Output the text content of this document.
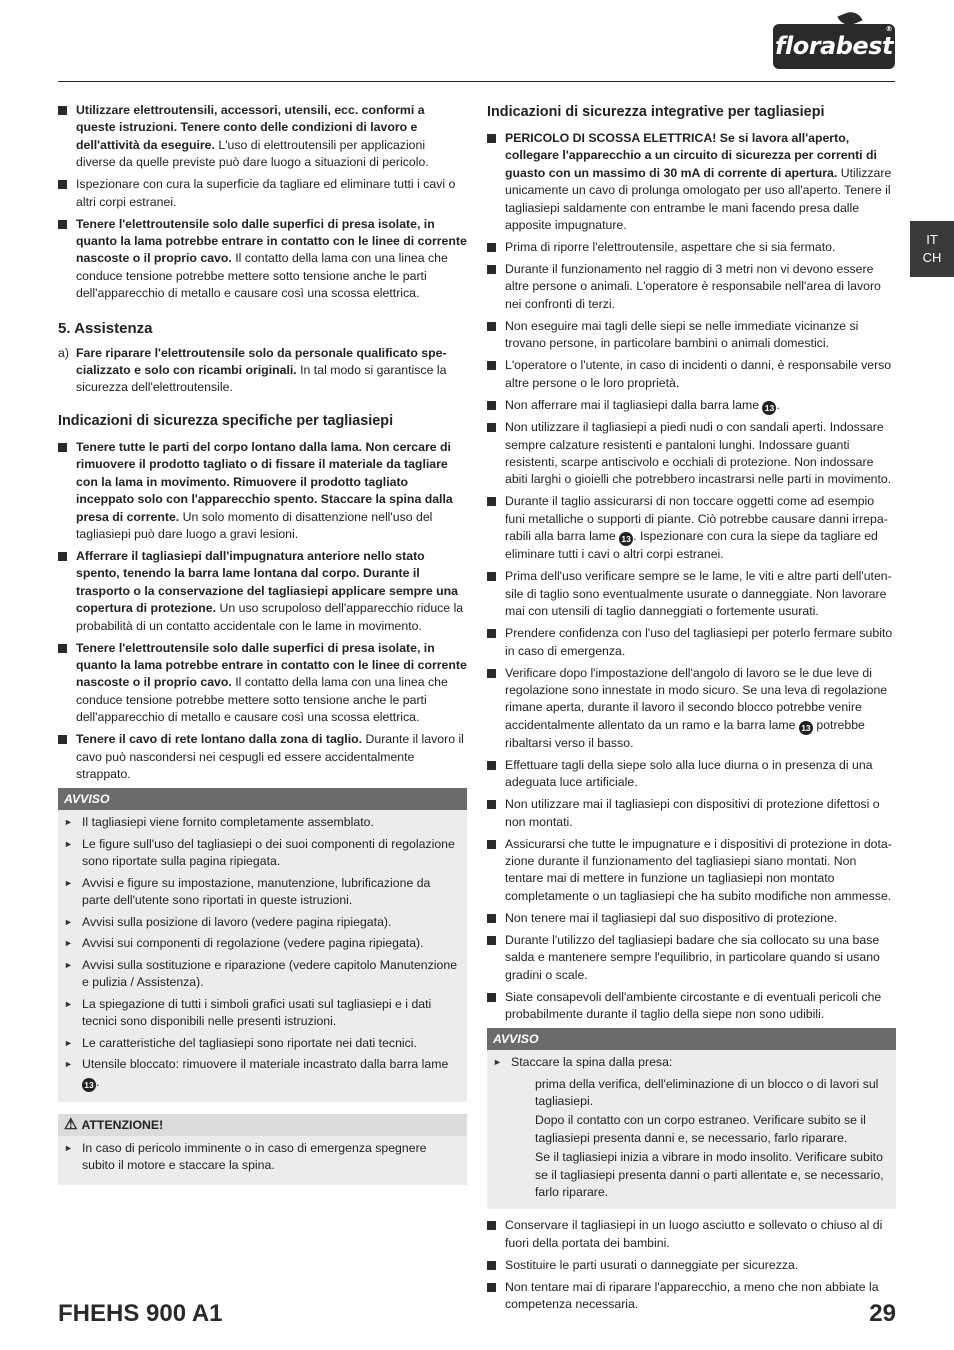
florabest
®
IT
CH
Utilizzare elettroutensili, accessori, utensili, ecc. conformi a queste istruzioni. Tenere conto delle condizioni di lavoro e dell'attività da eseguire. L'uso di elettroutensili per applicazioni diverse da quelle previste può dare luogo a situazioni di pericolo.
Ispezionare con cura la superficie da tagliare ed eliminare tutti i cavi o altri corpi estranei.
Tenere l'elettroutensile solo dalle superfici di presa isolate, in quanto la lama potrebbe entrare in contatto con le linee di corrente nascoste o il proprio cavo. Il contatto della lama con una linea che conduce tensione potrebbe mettere sotto tensione anche le parti dell'apparecchio di metallo e causare così una scossa elettrica.
5. Assistenza
a) Fare riparare l'elettroutensile solo da personale qualificato spe-cializzato e solo con ricambi originali. In tal modo si garantisce la sicurezza dell'elettroutensile.
Indicazioni di sicurezza specifiche per tagliasiepi
Tenere tutte le parti del corpo lontano dalla lama. Non cercare di rimuovere il prodotto tagliato o di fissare il materiale da tagliare con la lama in movimento. Rimuovere il prodotto tagliato inceppato solo con l'apparecchio spento. Staccare la spina dalla presa di corrente. Un solo momento di disattenzione nell'uso del tagliasiepi può dare luogo a gravi lesioni.
Afferrare il tagliasiepi dall'impugnatura anteriore nello stato spento, tenendo la barra lame lontana dal corpo. Durante il trasporto o la conservazione del tagliasiepi applicare sempre una copertura di protezione. Un uso scrupoloso dell'apparecchio riduce la probabilità di un contatto accidentale con le lame in movimento.
Tenere l'elettroutensile solo dalle superfici di presa isolate, in quanto la lama potrebbe entrare in contatto con le linee di corrente nascoste o il proprio cavo. Il contatto della lama con una linea che conduce tensione potrebbe mettere sotto tensione anche le parti dell'apparecchio di metallo e causare così una scossa elettrica.
Tenere il cavo di rete lontano dalla zona di taglio. Durante il lavoro il cavo può nascondersi nei cespugli ed essere accidentalmente strappato.
AVVISO
► Il tagliasiepi viene fornito completamente assemblato.
► Le figure sull'uso del tagliasiepi o dei suoi componenti di regolazione sono riportate sulla pagina ripiegata.
► Avvisi e figure su impostazione, manutenzione, lubrificazione da parte dell'utente sono riportati in queste istruzioni.
► Avvisi sulla posizione di lavoro (vedere pagina ripiegata).
► Avvisi sui componenti di regolazione (vedere pagina ripiegata).
► Avvisi sulla sostituzione e riparazione (vedere capitolo Manutenzione e pulizia / Assistenza).
► La spiegazione di tutti i simboli grafici usati sul tagliasiepi e i dati tecnici sono disponibili nelle presenti istruzioni.
► Le caratteristiche del tagliasiepi sono riportate nei dati tecnici.
► Utensile bloccato: rimuovere il materiale incastrato dalla barra lame 13 .
⚠ ATTENZIONE!
► In caso di pericolo imminente o in caso di emergenza spegnere subito il motore e staccare la spina.
Indicazioni di sicurezza integrative per tagliasiepi
PERICOLO DI SCOSSA ELETTRICA! Se si lavora all'aperto, collegare l'apparecchio a un circuito di sicurezza per correnti di guasto con un massimo di 30 mA di corrente di apertura. Utilizzare unicamente un cavo di prolunga omologato per uso all'aperto. Tenere il tagliasiepi saldamente con entrambe le mani facendo presa dalle apposite impugnature.
Prima di riporre l'elettroutensile, aspettare che si sia fermato.
Durante il funzionamento nel raggio di 3 metri non vi devono essere altre persone o animali. L'operatore è responsabile nell'area di lavoro nei confronti di terzi.
Non eseguire mai tagli delle siepi se nelle immediate vicinanze si trovano persone, in particolare bambini o animali domestici.
L'operatore o l'utente, in caso di incidenti o danni, è responsabile verso altre persone o le loro proprietà.
Non afferrare mai il tagliasiepi dalla barra lame 13 .
Non utilizzare il tagliasiepi a piedi nudi o con sandali aperti. Indossare sempre calzature resistenti e pantaloni lunghi. Indossare guanti resistenti, scarpe antiscivolo e occhiali di protezione. Non indossare abiti larghi o gioielli che potrebbero incastrarsi nelle parti in movimento.
Durante il taglio assicurarsi di non toccare oggetti come ad esempio funi metalliche o supporti di piante. Ciò potrebbe causare danni irrepa-rabili alla barra lame 13 . Ispezionare con cura la siepe da tagliare ed eliminare tutti i cavi o altri corpi estranei.
Prima dell'uso verificare sempre se le lame, le viti e altre parti dell'uten-sile di taglio sono eventualmente usurate o danneggiate. Non lavorare mai con utensili di taglio danneggiati o fortemente usurati.
Prendere confidenza con l'uso del tagliasiepi per poterlo fermare subito in caso di emergenza.
Verificare dopo l'impostazione dell'angolo di lavoro se le due leve di regolazione sono innestate in modo sicuro. Se una leva di regolazione rimane aperta, durante il lavoro il secondo blocco potrebbe venire accidentalmente allentato da un ramo e la barra lame 13 potrebbe ribaltarsi verso il basso.
Effettuare tagli della siepe solo alla luce diurna o in presenza di una adeguata luce artificiale.
Non utilizzare mai il tagliasiepi con dispositivi di protezione difettosi o non montati.
Assicurarsi che tutte le impugnature e i dispositivi di protezione in dota-zione durante il funzionamento del tagliasiepi siano montati. Non tentare mai di mettere in funzione un tagliasiepi non montato completamente o un tagliasiepi che ha subito modifiche non ammesse.
Non tenere mai il tagliasiepi dal suo dispositivo di protezione.
Durante l'utilizzo del tagliasiepi badare che sia collocato su una base salda e mantenere sempre l'equilibrio, in particolare quando si usano gradini o scale.
Siate consapevoli dell'ambiente circostante e di eventuali pericoli che probabilmente durante il taglio della siepe non sono udibili.
AVVISO
► Staccare la spina dalla presa:
prima della verifica, dell'eliminazione di un blocco o di lavori sul tagliasiepi.
Dopo il contatto con un corpo estraneo. Verificare subito se il tagliasiepi presenta danni e, se necessario, farlo riparare.
Se il tagliasiepi inizia a vibrare in modo insolito. Verificare subito se il tagliasiepi presenta danni o parti allentate e, se necessario, farlo riparare.
Conservare il tagliasiepi in un luogo asciutto e sollevato o chiuso al di fuori della portata dei bambini.
Sostituire le parti usurati o danneggiate per sicurezza.
Non tentare mai di riparare l'apparecchio, a meno che non abbiate la competenza necessaria.
FHEHS 900 A1	29
